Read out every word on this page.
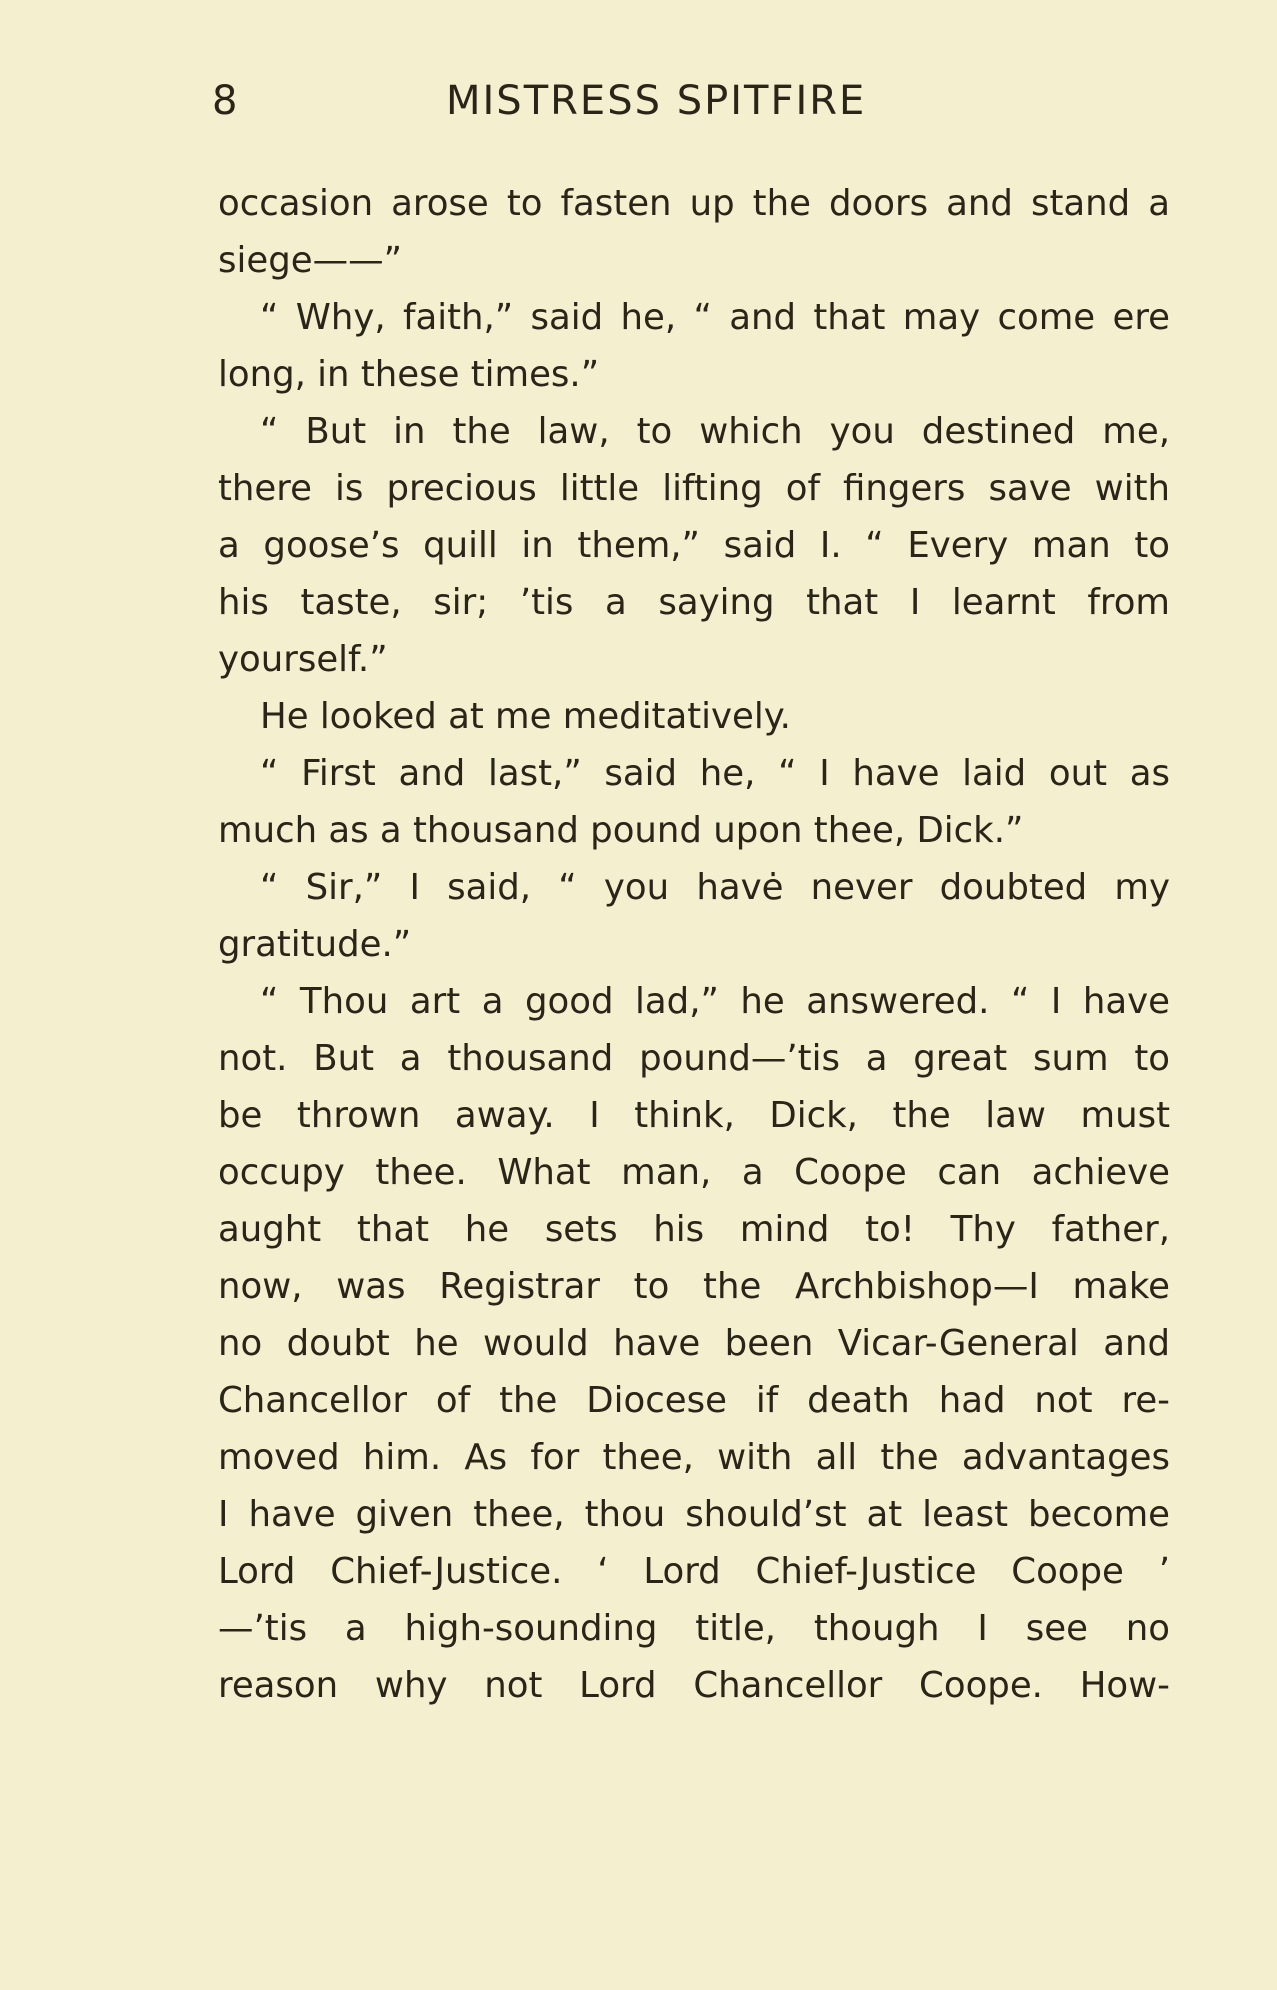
8	MISTRESS SPITFIRE
occasion arose to fasten up the doors and stand a
siege——”
“ Why, faith,” said he, “ and that may come ere
long, in these times.”
“ But in the law, to which you destined me,
there is precious little lifting of fingers save with
a goose’s quill in them,” said I. “ Every man to
his taste, sir; ’tis a saying that I learnt from
yourself.”
He looked at me meditatively.
“ First and last,” said he, “ I have laid out as
much as a thousand pound upon thee, Dick.”
“ Sir,” I said, “ you havė never doubted my
gratitude.”
“ Thou art a good lad,” he answered. “ I have
not. But a thousand pound—’tis a great sum to
be thrown away. I think, Dick, the law must
occupy thee. What man, a Coope can achieve
aught that he sets his mind to! Thy father,
now, was Registrar to the Archbishop—I make
no doubt he would have been Vicar-General and
Chancellor of the Diocese if death had not re-
moved him. As for thee, with all the advantages
I have given thee, thou should’st at least become
Lord Chief-Justice. ‘ Lord Chief-Justice Coope ’
—’tis a high-sounding title, though I see no
reason why not Lord Chancellor Coope. How-
